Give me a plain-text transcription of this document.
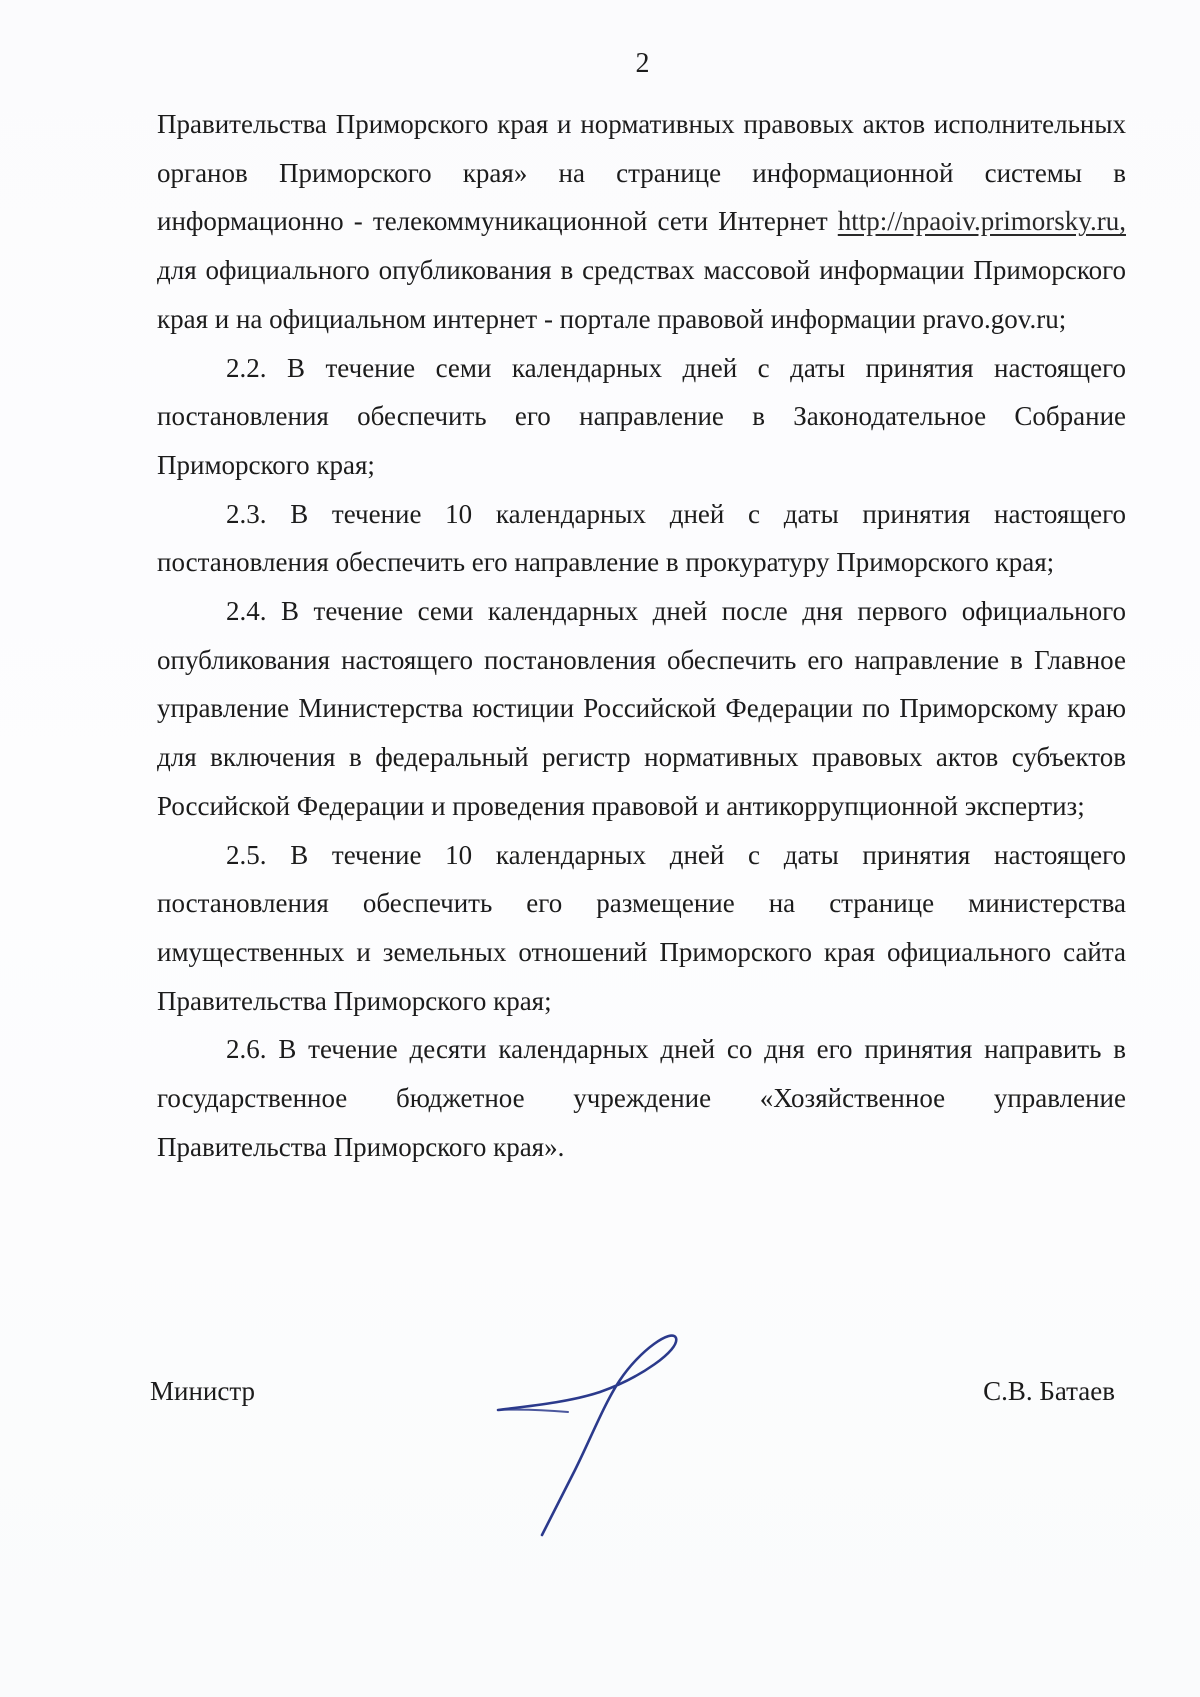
2

Правительства Приморского края и нормативных правовых актов исполнительных органов Приморского края» на странице информационной системы в информационно - телекоммуникационной сети Интернет http://npaoiv.primorsky.ru, для официального опубликования в средствах массовой информации Приморского края и на официальном интернет - портале правовой информации pravo.gov.ru;

2.2. В течение семи календарных дней с даты принятия настоящего постановления обеспечить его направление в Законодательное Собрание Приморского края;

2.3. В течение 10 календарных дней с даты принятия настоящего постановления обеспечить его направление в прокуратуру Приморского края;

2.4. В течение семи календарных дней после дня первого официального опубликования настоящего постановления обеспечить его направление в Главное управление Министерства юстиции Российской Федерации по Приморскому краю для включения в федеральный регистр нормативных правовых актов субъектов Российской Федерации и проведения правовой и антикоррупционной экспертиз;

2.5. В течение 10 календарных дней с даты принятия настоящего постановления обеспечить его размещение на странице министерства имущественных и земельных отношений Приморского края официального сайта Правительства Приморского края;

2.6. В течение десяти календарных дней со дня его принятия направить в государственное бюджетное учреждение «Хозяйственное управление Правительства Приморского края».

Министр	С.В. Батаев
